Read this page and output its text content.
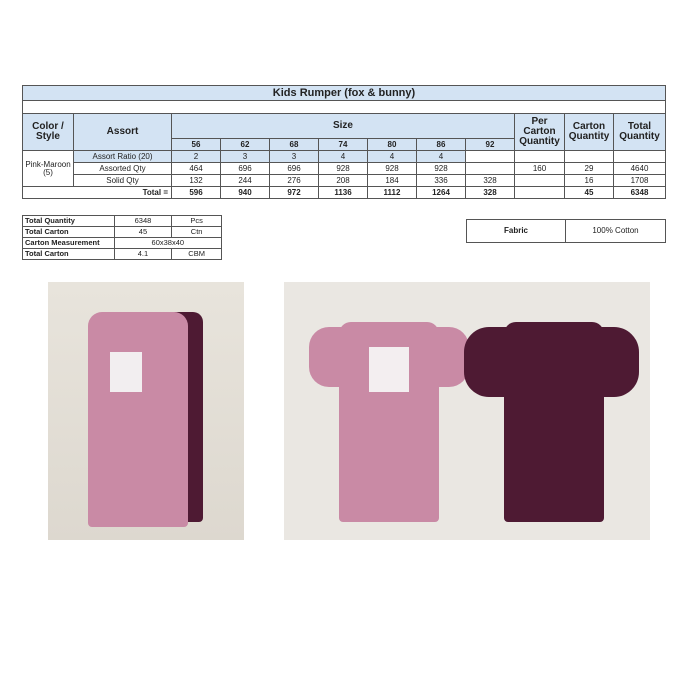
Kids Rumper (fox & bunny)											

Color / Style	Assort	Size							Per Carton Quantity	Carton Quantity	Total Quantity
		56	62	68	74	80	86	92			
Pink-Maroon (5)	Assort Ratio (20)	2	3	3	4	4	4				
	Assorted Qty	464	696	696	928	928	928		160	29	4640
	Solid Qty	132	244	276	208	184	336	328		16	1708
Total =		596	940	972	1136	1112	1264	328		45	6348
Total Quantity	6348	Pcs
Total Carton	45	Ctn
Carton Measurement	60x38x40	
Total Carton	4.1	CBM
Fabric	100% Cotton
